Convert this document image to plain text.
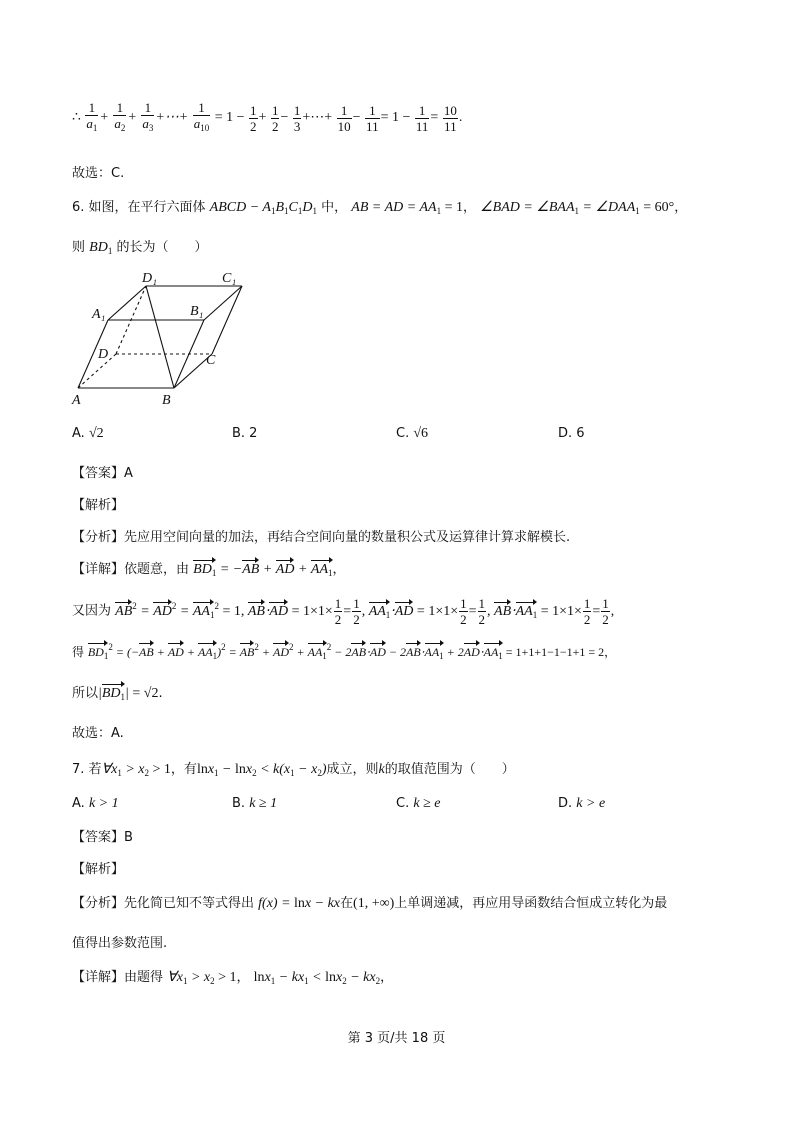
∴ $\frac{1}{a_1} + \frac{1}{a_2} + \frac{1}{a_3}$ +⋯+ $\frac{1}{a_{10}} = 1 - \frac{1}{2} + \frac{1}{2} - \frac{1}{3}$ +⋯+ $\frac{1}{10} - \frac{1}{11} = 1 - \frac{1}{11} = \frac{10}{11}$ .
故选：C.
6. 如图，在平行六面体 ABCD − $A_1B_1C_1D_1$ 中， AB = AD = $AA_1 = 1$， ∠BAD = $\angle BAA_1$ = $\angle DAA_1 = 60^\circ$，
则 $BD_1$ 的长为（　　）
D₁	C₁
A₁	B₁
D	C
A	B
A. √2	B. 2	C. √6	D. 6
【答案】A
【解析】
【分析】先应用空间向量的加法，再结合空间向量的数量积公式及运算律计算求解模长.
【详解】依题意，由 $BD_1 = -AB$ + AD + $AA_1$，
又因为 $AB^2 = AD^2 = AA_1^2 = 1$, $AB\cdot AD = 1\times 1\times \frac{1}{2} = \frac{1}{2}$ , $AA_1\cdot AD = 1\times 1\times \frac{1}{2} = \frac{1}{2}$ , $AB\cdot AA_1 = 1\times 1\times \frac{1}{2} = \frac{1}{2}$ ,
得 $BD_1^2 = (-AB$ + AD + $AA_1)^2 = AB^2 + AD^2 + AA_1^2 - 2AB\cdot AD - 2AB\cdot AA_1 + 2AD\cdot AA_1 = 1+1+1-1-1+1 = 2$，
所以$|BD_1| = √2$.
故选：A.
7. 若$\forall x_1 > x_2 > 1$，有$\ln x_1 - \ln x_2 < k(x_1 - x_2)$成立，则k的取值范围为（　　）
A. k > 1	B. k ≥ 1	C. k ≥ e	D. k > e
【答案】B
【解析】
【分析】先化简已知不等式得出 f(x) = lnx − kx在(1, +∞)上单调递减，再应用导函数结合恒成立转化为最
值得出参数范围.
【详解】由题得 $\forall x_1 > x_2 > 1$， $\ln x_1 - kx_1 < \ln x_2 - kx_2$，
第 3 页/共 18 页
